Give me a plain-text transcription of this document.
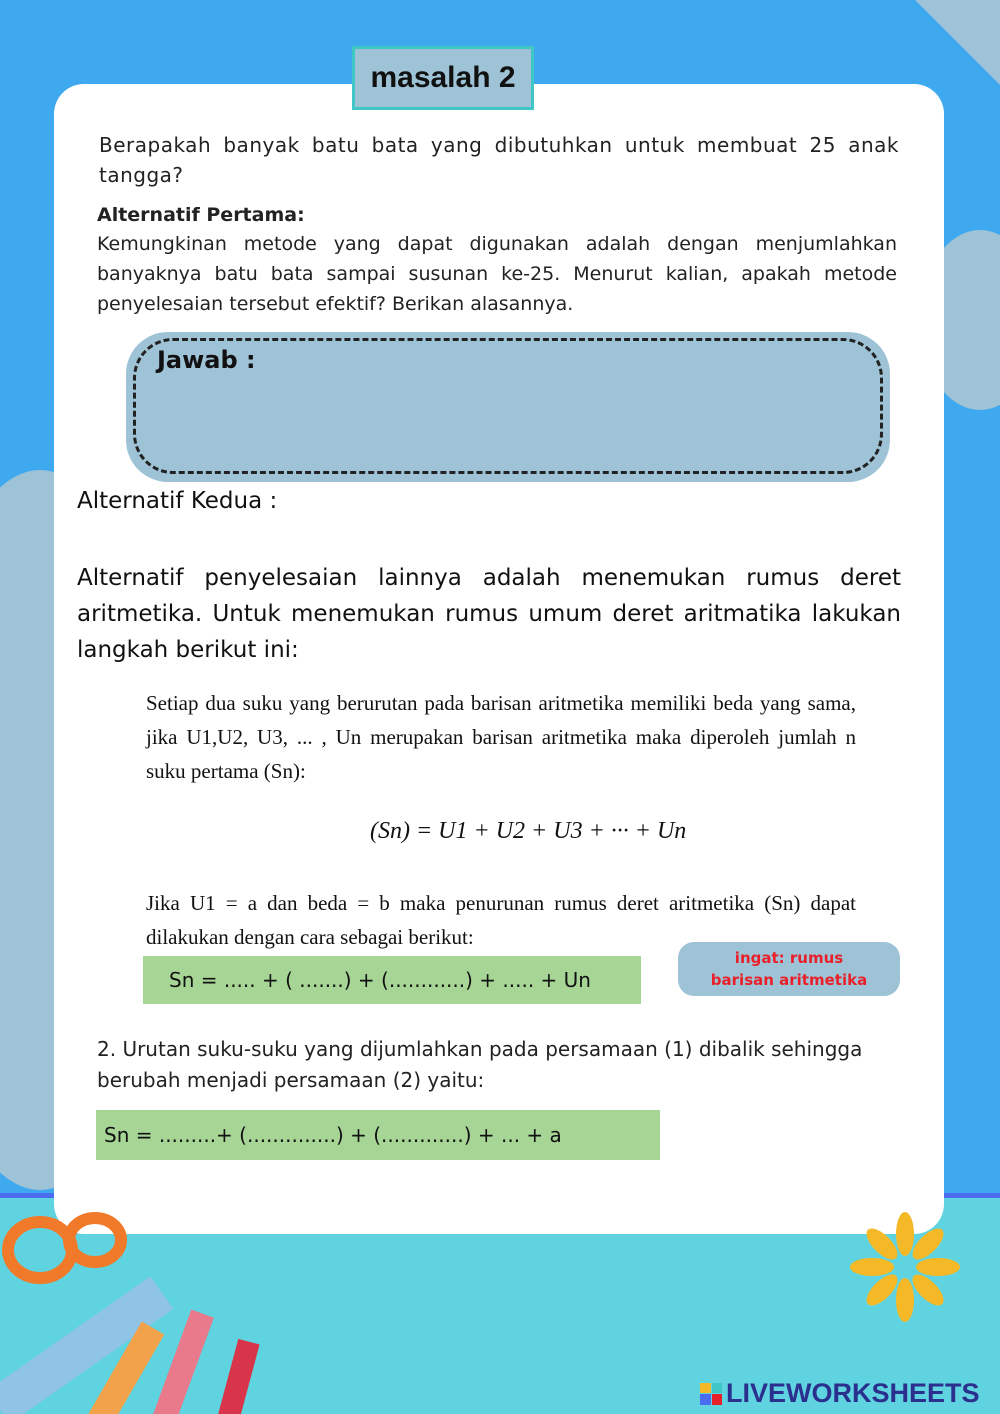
masalah 2
Berapakah banyak batu bata yang dibutuhkan untuk membuat 25 anak tangga?
Alternatif Pertama:
Kemungkinan metode yang dapat digunakan adalah dengan menjumlahkan banyaknya batu bata sampai susunan ke-25. Menurut kalian, apakah metode penyelesaian tersebut efektif? Berikan alasannya.
Jawab :
Alternatif Kedua :
Alternatif penyelesaian lainnya adalah menemukan rumus deret aritmetika. Untuk menemukan rumus umum deret aritmatika lakukan langkah berikut ini:
Setiap dua suku yang berurutan pada barisan aritmetika memiliki beda yang sama, jika U1,U2, U3, ... , Un merupakan barisan aritmetika maka diperoleh jumlah n suku pertama (Sn):
(Sn) = U1 + U2 + U3 + ··· + Un
Jika U1 = a dan beda = b maka penurunan rumus deret aritmetika (Sn) dapat dilakukan dengan cara sebagai berikut:
Sn = ..... + ( .......) + (............) + ..... + Un
ingat: rumus
barisan aritmetika
2. Urutan suku-suku yang dijumlahkan pada persamaan (1) dibalik sehingga berubah menjadi persamaan (2) yaitu:
Sn = .........+ (..............) + (.............) + ... + a
LIVEWORKSHEETS
